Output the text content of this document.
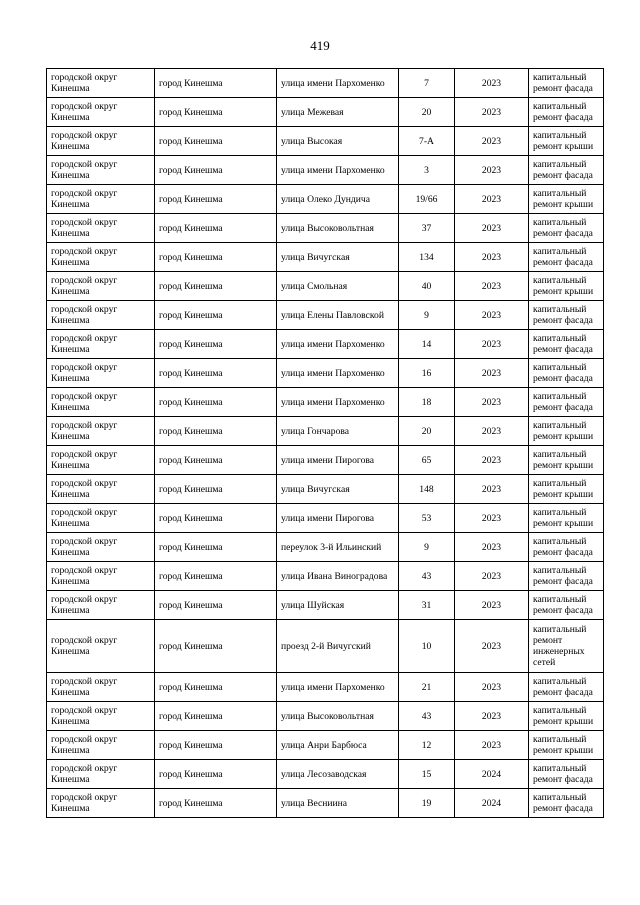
419
городской округ Кинешма	город Кинешма	улица имени Пархоменко	7	2023	капитальный ремонт фасада
городской округ Кинешма	город Кинешма	улица Межевая	20	2023	капитальный ремонт фасада
городской округ Кинешма	город Кинешма	улица Высокая	7-А	2023	капитальный ремонт крыши
городской округ Кинешма	город Кинешма	улица имени Пархоменко	3	2023	капитальный ремонт фасада
городской округ Кинешма	город Кинешма	улица Олеко Дундича	19/66	2023	капитальный ремонт крыши
городской округ Кинешма	город Кинешма	улица Высоковольтная	37	2023	капитальный ремонт фасада
городской округ Кинешма	город Кинешма	улица Вичугская	134	2023	капитальный ремонт фасада
городской округ Кинешма	город Кинешма	улица Смольная	40	2023	капитальный ремонт крыши
городской округ Кинешма	город Кинешма	улица Елены Павловской	9	2023	капитальный ремонт фасада
городской округ Кинешма	город Кинешма	улица имени Пархоменко	14	2023	капитальный ремонт фасада
городской округ Кинешма	город Кинешма	улица имени Пархоменко	16	2023	капитальный ремонт фасада
городской округ Кинешма	город Кинешма	улица имени Пархоменко	18	2023	капитальный ремонт фасада
городской округ Кинешма	город Кинешма	улица Гончарова	20	2023	капитальный ремонт крыши
городской округ Кинешма	город Кинешма	улица имени Пирогова	65	2023	капитальный ремонт крыши
городской округ Кинешма	город Кинешма	улица Вичугская	148	2023	капитальный ремонт крыши
городской округ Кинешма	город Кинешма	улица имени Пирогова	53	2023	капитальный ремонт крыши
городской округ Кинешма	город Кинешма	переулок 3-й Ильинский	9	2023	капитальный ремонт фасада
городской округ Кинешма	город Кинешма	улица Ивана Виноградова	43	2023	капитальный ремонт фасада
городской округ Кинешма	город Кинешма	улица Шуйская	31	2023	капитальный ремонт фасада
городской округ Кинешма	город Кинешма	проезд 2-й Вичугский	10	2023	капитальный ремонт инженерных сетей
городской округ Кинешма	город Кинешма	улица имени Пархоменко	21	2023	капитальный ремонт фасада
городской округ Кинешма	город Кинешма	улица Высоковольтная	43	2023	капитальный ремонт крыши
городской округ Кинешма	город Кинешма	улица Анри Барбюса	12	2023	капитальный ремонт крыши
городской округ Кинешма	город Кинешма	улица Лесозаводская	15	2024	капитальный ремонт фасада
городской округ Кинешма	город Кинешма	улица Весниина	19	2024	капитальный ремонт фасада
